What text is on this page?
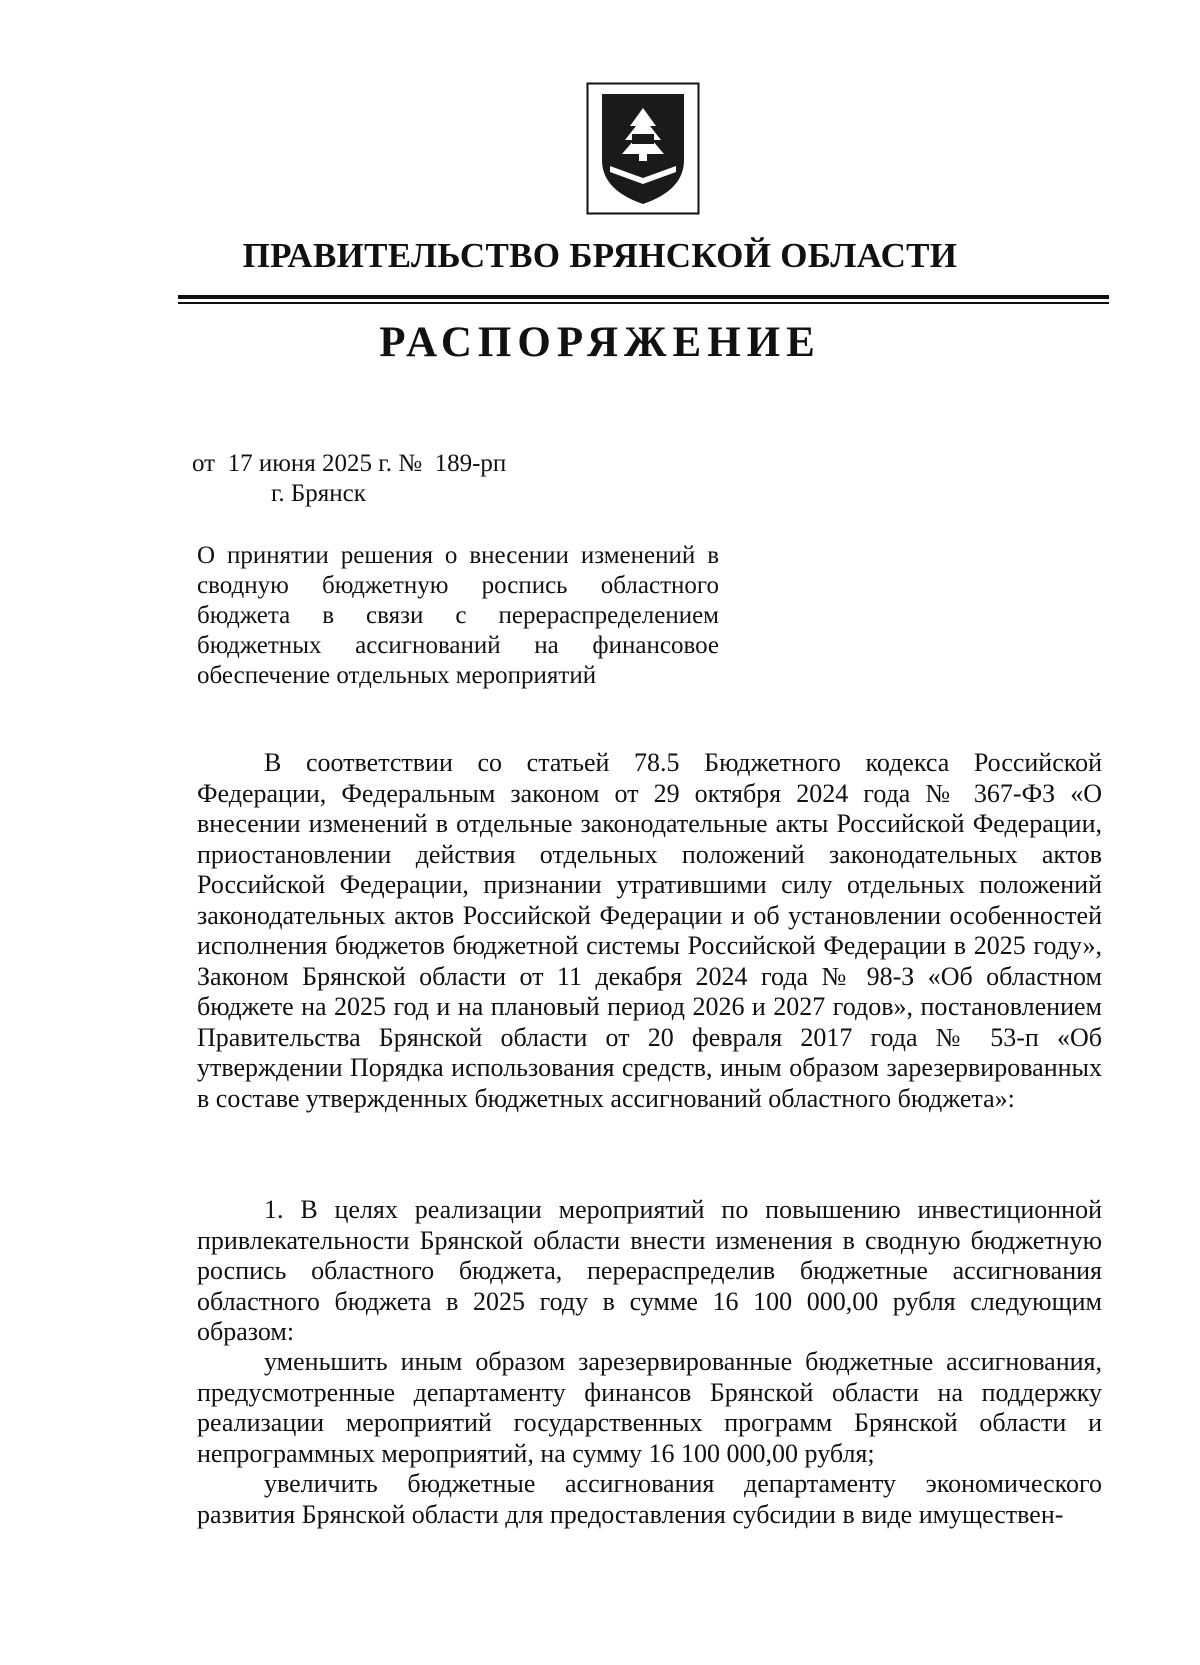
ПРАВИТЕЛЬСТВО БРЯНСКОЙ ОБЛАСТИ
РАСПОРЯЖЕНИЕ
от  17 июня 2025 г. №  189-рп
г. Брянск
О принятии решения о внесении изменений в сводную бюджетную роспись областного бюджета в связи с перераспределением бюджетных ассигнований на финансовое обеспечение отдельных мероприятий
В соответствии со статьей 78.5 Бюджетного кодекса Российской Федерации, Федеральным законом от 29 октября 2024 года № 367-ФЗ «О внесении изменений в отдельные законодательные акты Российской Федерации, приостановлении действия отдельных положений законодательных актов Российской Федерации, признании утратившими силу отдельных положений законодательных актов Российской Федерации и об установлении особенностей исполнения бюджетов бюджетной системы Российской Федерации в 2025 году», Законом Брянской области от 11 декабря 2024 года № 98-З «Об областном бюджете на 2025 год и на плановый период 2026 и 2027 годов», постановлением Правительства Брянской области от 20 февраля 2017 года № 53-п «Об утверждении Порядка использования средств, иным образом зарезервированных в составе утвержденных бюджетных ассигнований областного бюджета»:
1. В целях реализации мероприятий по повышению инвестиционной привлекательности Брянской области внести изменения в сводную бюджетную роспись областного бюджета, перераспределив бюджетные ассигнования областного бюджета в 2025 году в сумме 16 100 000,00 рубля следующим образом:
уменьшить иным образом зарезервированные бюджетные ассигнования, предусмотренные департаменту финансов Брянской области на поддержку реализации мероприятий государственных программ Брянской области и непрограммных мероприятий, на сумму 16 100 000,00 рубля;
увеличить бюджетные ассигнования департаменту экономического развития Брянской области для предоставления субсидии в виде имуществен-
